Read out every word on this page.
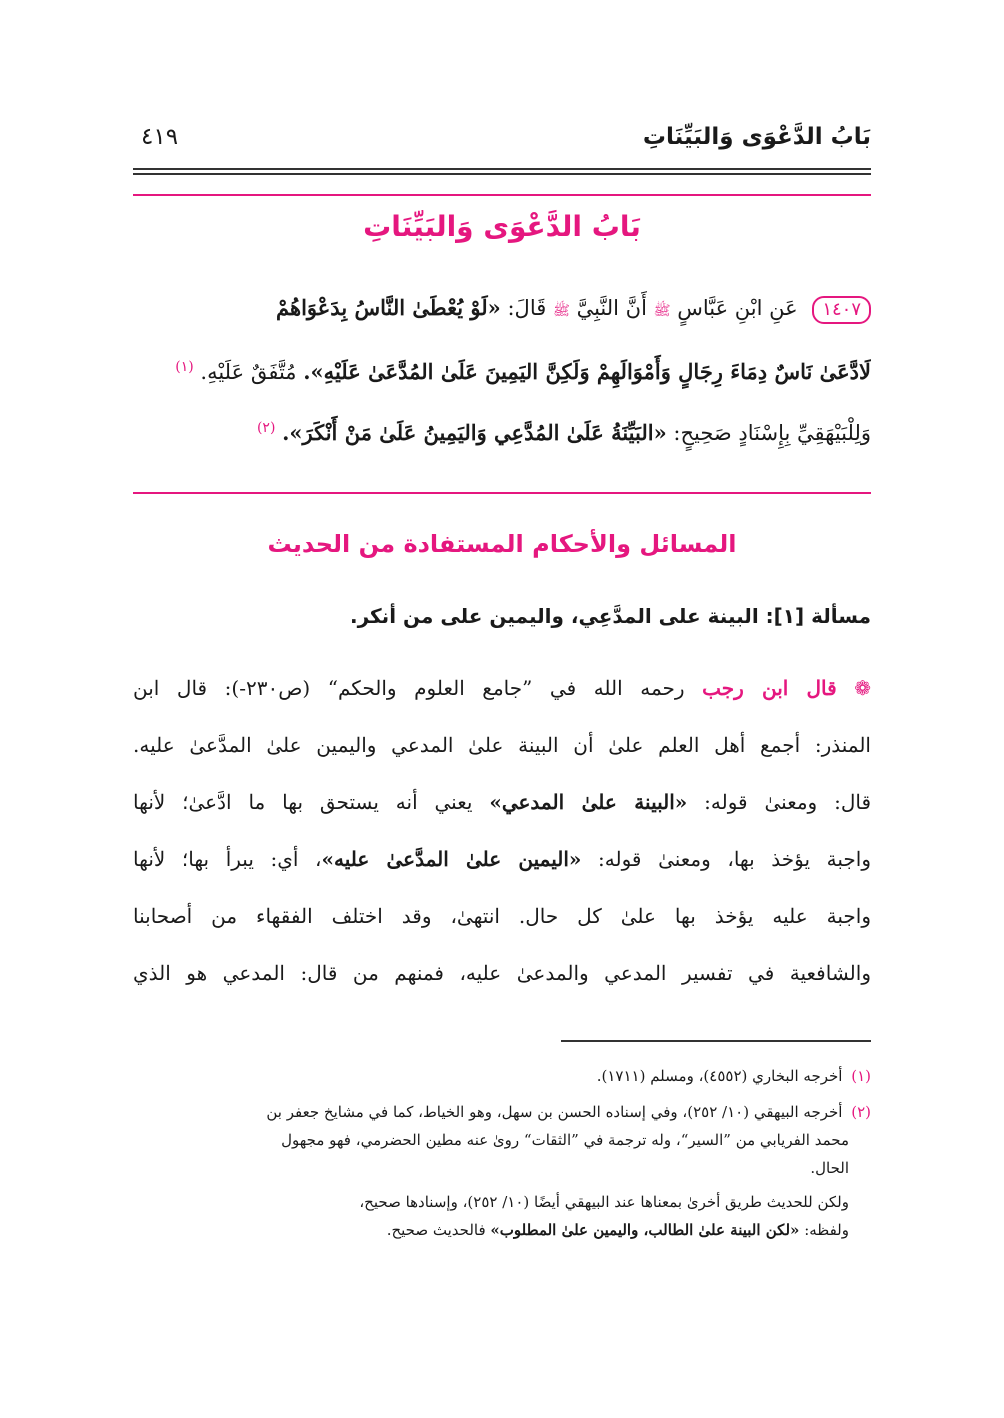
بَابُ الدَّعْوَى وَالبَيِّنَاتِ
٤١٩
بَابُ الدَّعْوَى وَالبَيِّنَاتِ
١٤٠٧ عَنِ ابْنِ عَبَّاسٍ ﷺ أَنَّ النَّبِيَّ ﷺ قَالَ: «لَوْ يُعْطَىٰ النَّاسُ بِدَعْوَاهُمْ
لَادَّعَىٰ نَاسٌ دِمَاءَ رِجَالٍ وَأَمْوَالَهِمْ وَلَكِنَّ اليَمِينَ عَلَىٰ المُدَّعَىٰ عَلَيْهِ». مُتَّفَقٌ عَلَيْهِ. $^{(١)}$
وَلِلْبَيْهَقِيِّ بِإِسْنَادٍ صَحِيحٍ: «البَيِّنَةُ عَلَىٰ المُدَّعِي وَاليَمِينُ عَلَىٰ مَنْ أَنْكَرَ». $^{(٢)}$
المسائل والأحكام المستفادة من الحديث
مسألة [١]: البينة على المدَّعِي، واليمين على من أنكر.
❁ قال ابن رجب رحمه الله في ”جامع العلوم والحكم“ (ص٢٣٠-): قال ابن
المنذر: أجمع أهل العلم علىٰ أن البينة علىٰ المدعي واليمين علىٰ المدَّعىٰ عليه.
قال: ومعنىٰ قوله: «البينة علىٰ المدعي» يعني أنه يستحق بها ما ادَّعىٰ؛ لأنها
واجبة يؤخذ بها، ومعنىٰ قوله: «اليمين علىٰ المدَّعىٰ عليه»، أي: يبرأ بها؛ لأنها
واجبة عليه يؤخذ بها علىٰ كل حال. انتهىٰ، وقد اختلف الفقهاء من أصحابنا
والشافعية في تفسير المدعي والمدعىٰ عليه، فمنهم من قال: المدعي هو الذي
(١) أخرجه البخاري (٤٥٥٢)، ومسلم (١٧١١).
(٢) أخرجه البيهقي (١٠/ ٢٥٢)، وفي إسناده الحسن بن سهل، وهو الخياط، كما في مشايخ جعفر بن
محمد الفريابي من ”السير“، وله ترجمة في ”الثقات“ روىٰ عنه مطين الحضرمي، فهو مجهول
الحال.
ولكن للحديث طريق أخرىٰ بمعناها عند البيهقي أيضًا (١٠/ ٢٥٢)، وإسنادها صحيح،
ولفظه: «لكن البينة علىٰ الطالب، واليمين علىٰ المطلوب» فالحديث صحيح.
